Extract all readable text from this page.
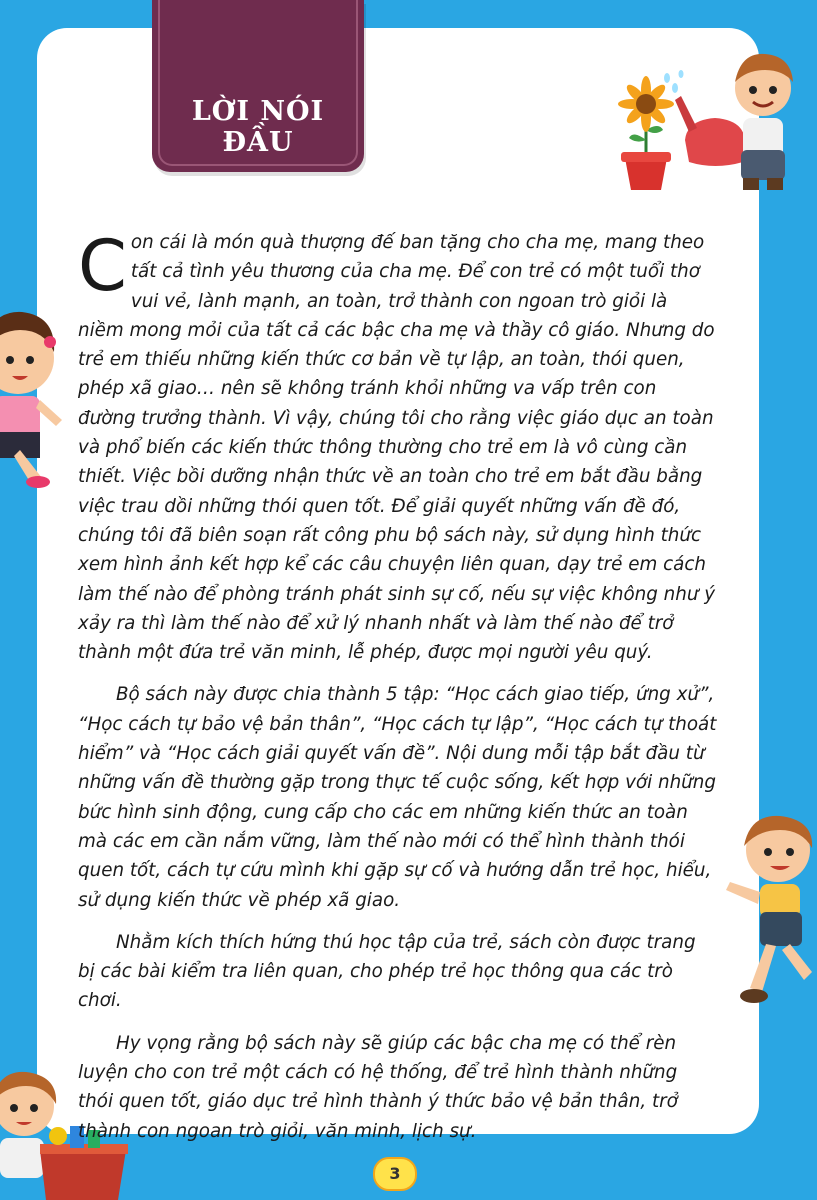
LỜI NÓI ĐẦU

Con cái là món quà thượng đế ban tặng cho cha mẹ, mang theo tất cả tình yêu thương của cha mẹ. Để con trẻ có một tuổi thơ vui vẻ, lành mạnh, an toàn, trở thành con ngoan trò giỏi là niềm mong mỏi của tất cả các bậc cha mẹ và thầy cô giáo. Nhưng do trẻ em thiếu những kiến thức cơ bản về tự lập, an toàn, thói quen, phép xã giao… nên sẽ không tránh khỏi những va vấp trên con đường trưởng thành. Vì vậy, chúng tôi cho rằng việc giáo dục an toàn và phổ biến các kiến thức thông thường cho trẻ em là vô cùng cần thiết. Việc bồi dưỡng nhận thức về an toàn cho trẻ em bắt đầu bằng việc trau dồi những thói quen tốt. Để giải quyết những vấn đề đó, chúng tôi đã biên soạn rất công phu bộ sách này, sử dụng hình thức xem hình ảnh kết hợp kể các câu chuyện liên quan, dạy trẻ em cách làm thế nào để phòng tránh phát sinh sự cố, nếu sự việc không như ý xảy ra thì làm thế nào để xử lý nhanh nhất và làm thế nào để trở thành một đứa trẻ văn minh, lễ phép, được mọi người yêu quý.

Bộ sách này được chia thành 5 tập: “Học cách giao tiếp, ứng xử”, “Học cách tự bảo vệ bản thân”, “Học cách tự lập”, “Học cách tự thoát hiểm” và “Học cách giải quyết vấn đề”. Nội dung mỗi tập bắt đầu từ những vấn đề thường gặp trong thực tế cuộc sống, kết hợp với những bức hình sinh động, cung cấp cho các em những kiến thức an toàn mà các em cần nắm vững, làm thế nào mới có thể hình thành thói quen tốt, cách tự cứu mình khi gặp sự cố và hướng dẫn trẻ học, hiểu, sử dụng kiến thức về phép xã giao.

Nhằm kích thích hứng thú học tập của trẻ, sách còn được trang bị các bài kiểm tra liên quan, cho phép trẻ học thông qua các trò chơi.

Hy vọng rằng bộ sách này sẽ giúp các bậc cha mẹ có thể rèn luyện cho con trẻ một cách có hệ thống, để trẻ hình thành những thói quen tốt, giáo dục trẻ hình thành ý thức bảo vệ bản thân, trở thành con ngoan trò giỏi, văn minh, lịch sự.

3
